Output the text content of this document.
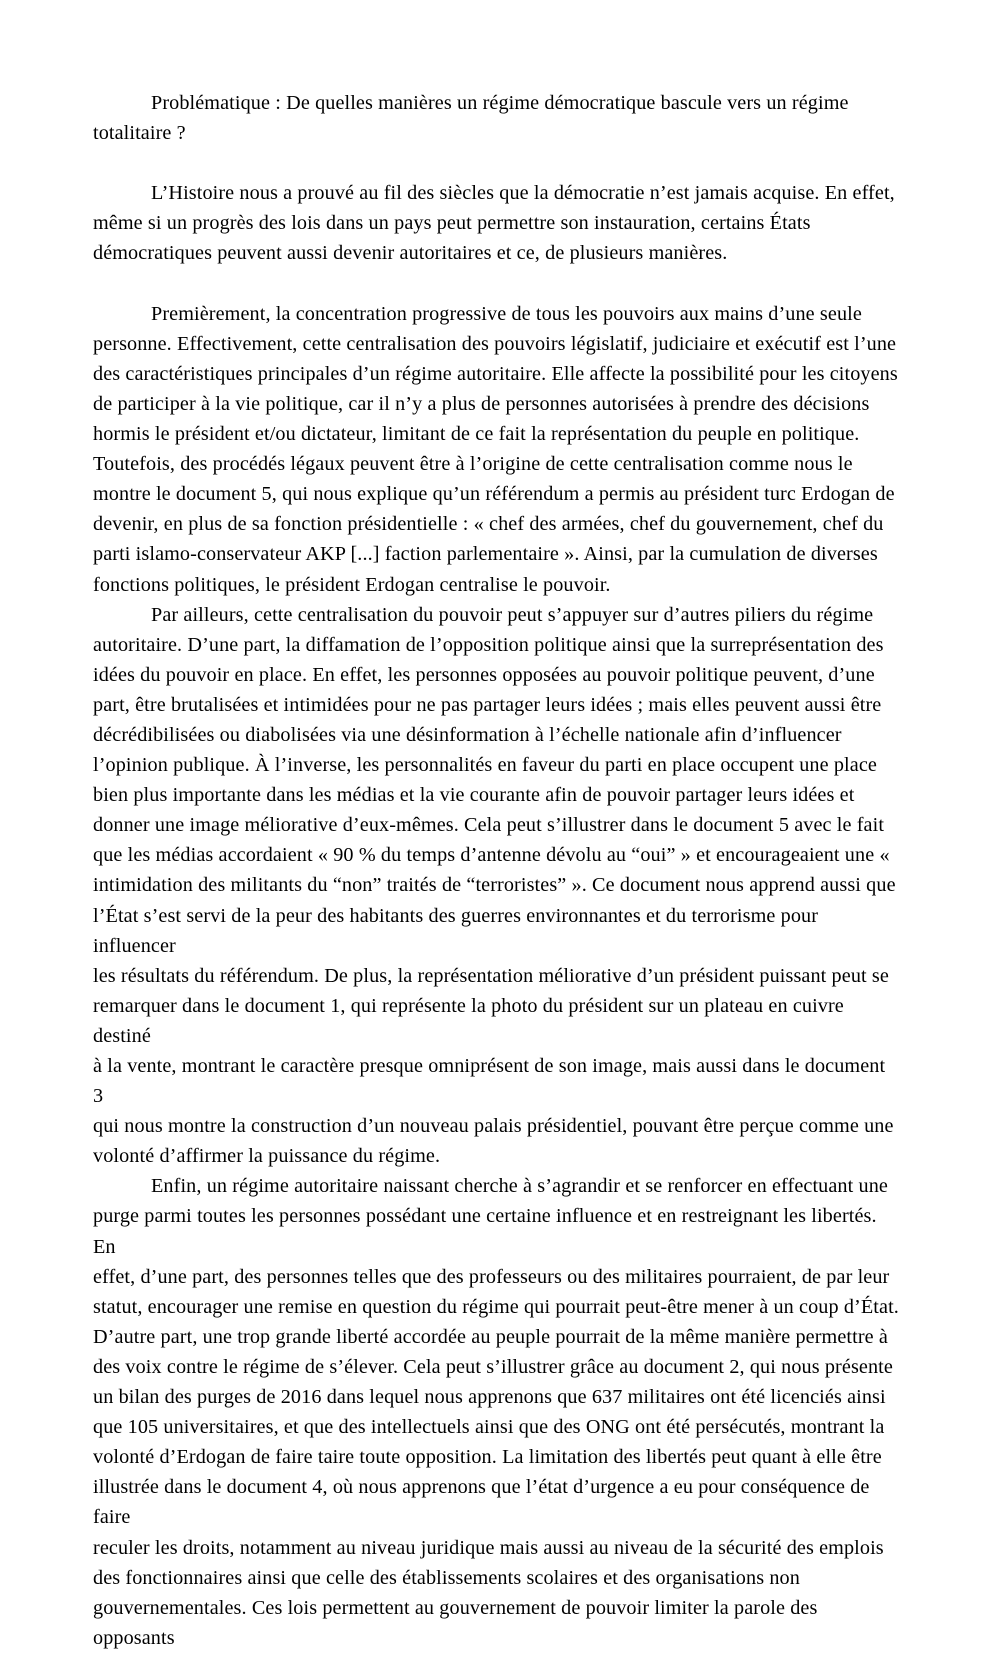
Problématique : De quelles manières un régime démocratique bascule vers un régime
totalitaire ?

L’Histoire nous a prouvé au fil des siècles que la démocratie n’est jamais acquise. En effet,
même si un progrès des lois dans un pays peut permettre son instauration, certains États
démocratiques peuvent aussi devenir autoritaires et ce, de plusieurs manières.

Premièrement, la concentration progressive de tous les pouvoirs aux mains d’une seule
personne. Effectivement, cette centralisation des pouvoirs législatif, judiciaire et exécutif est l’une
des caractéristiques principales d’un régime autoritaire. Elle affecte la possibilité pour les citoyens
de participer à la vie politique, car il n’y a plus de personnes autorisées à prendre des décisions
hormis le président et/ou dictateur, limitant de ce fait la représentation du peuple en politique.
Toutefois, des procédés légaux peuvent être à l’origine de cette centralisation comme nous le
montre le document 5, qui nous explique qu’un référendum a permis au président turc Erdogan de
devenir, en plus de sa fonction présidentielle : « chef des armées, chef du gouvernement, chef du
parti islamo-conservateur AKP [...] faction parlementaire ». Ainsi, par la cumulation de diverses
fonctions politiques, le président Erdogan centralise le pouvoir.

Par ailleurs, cette centralisation du pouvoir peut s’appuyer sur d’autres piliers du régime
autoritaire. D’une part, la diffamation de l’opposition politique ainsi que la surreprésentation des
idées du pouvoir en place. En effet, les personnes opposées au pouvoir politique peuvent, d’une
part, être brutalisées et intimidées pour ne pas partager leurs idées ; mais elles peuvent aussi être
décrédibilisées ou diabolisées via une désinformation à l’échelle nationale afin d’influencer
l’opinion publique. À l’inverse, les personnalités en faveur du parti en place occupent une place
bien plus importante dans les médias et la vie courante afin de pouvoir partager leurs idées et
donner une image méliorative d’eux-mêmes. Cela peut s’illustrer dans le document 5 avec le fait
que les médias accordaient « 90 % du temps d’antenne dévolu au “oui” » et encourageaient une «
intimidation des militants du “non” traités de “terroristes” ». Ce document nous apprend aussi que
l’État s’est servi de la peur des habitants des guerres environnantes et du terrorisme pour influencer
les résultats du référendum. De plus, la représentation méliorative d’un président puissant peut se
remarquer dans le document 1, qui représente la photo du président sur un plateau en cuivre destiné
à la vente, montrant le caractère presque omniprésent de son image, mais aussi dans le document 3
qui nous montre la construction d’un nouveau palais présidentiel, pouvant être perçue comme une
volonté d’affirmer la puissance du régime.

Enfin, un régime autoritaire naissant cherche à s’agrandir et se renforcer en effectuant une
purge parmi toutes les personnes possédant une certaine influence et en restreignant les libertés. En
effet, d’une part, des personnes telles que des professeurs ou des militaires pourraient, de par leur
statut, encourager une remise en question du régime qui pourrait peut-être mener à un coup d’État.
D’autre part, une trop grande liberté accordée au peuple pourrait de la même manière permettre à
des voix contre le régime de s’élever. Cela peut s’illustrer grâce au document 2, qui nous présente
un bilan des purges de 2016 dans lequel nous apprenons que 637 militaires ont été licenciés ainsi
que 105 universitaires, et que des intellectuels ainsi que des ONG ont été persécutés, montrant la
volonté d’Erdogan de faire taire toute opposition. La limitation des libertés peut quant à elle être
illustrée dans le document 4, où nous apprenons que l’état d’urgence a eu pour conséquence de faire
reculer les droits, notamment au niveau juridique mais aussi au niveau de la sécurité des emplois
des fonctionnaires ainsi que celle des établissements scolaires et des organisations non
gouvernementales. Ces lois permettent au gouvernement de pouvoir limiter la parole des opposants
